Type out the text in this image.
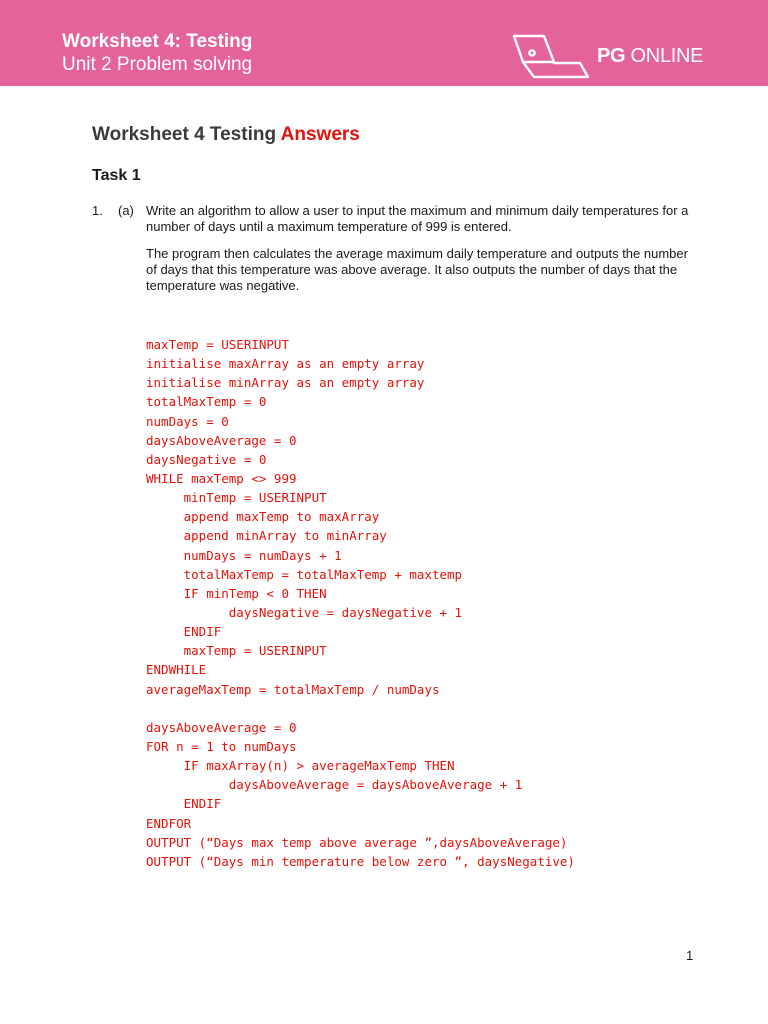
Worksheet 4: Testing
Unit 2 Problem solving	PG ONLINE
Worksheet 4 Testing Answers
Task 1
1. (a) Write an algorithm to allow a user to input the maximum and minimum daily temperatures for a number of days until a maximum temperature of 999 is entered.

The program then calculates the average maximum daily temperature and outputs the number of days that this temperature was above average. It also outputs the number of days that the temperature was negative.

maxTemp = USERINPUT
initialise maxArray as an empty array
initialise minArray as an empty array
totalMaxTemp = 0
numDays = 0
daysAboveAverage = 0
daysNegative = 0
WHILE maxTemp <> 999
minTemp = USERINPUT
append maxTemp to maxArray
append minArray to minArray
numDays = numDays + 1
totalMaxTemp = totalMaxTemp + maxtemp
IF minTemp < 0 THEN
daysNegative = daysNegative + 1
ENDIF
maxTemp = USERINPUT
ENDWHILE
averageMaxTemp = totalMaxTemp / numDays
daysAboveAverage = 0
FOR n = 1 to numDays
IF maxArray(n) > averageMaxTemp THEN
daysAboveAverage = daysAboveAverage + 1
ENDIF
ENDFOR
OUTPUT (“Days max temp above average ”,daysAboveAverage)
OUTPUT (“Days min temperature below zero ”, daysNegative)
1
